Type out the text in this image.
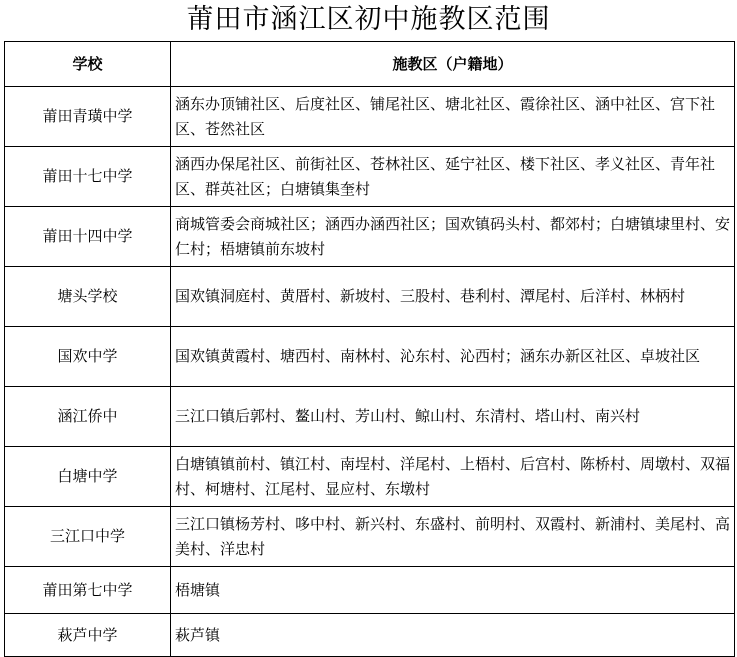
莆田市涵江区初中施教区范围
学校	施教区（户籍地）
莆田青璜中学	涵东办顶铺社区、后度社区、铺尾社区、塘北社区、霞徐社区、涵中社区、宫下社区、苍然社区
莆田十七中学	涵西办保尾社区、前街社区、苍林社区、延宁社区、楼下社区、孝义社区、青年社区、群英社区；白塘镇集奎村
莆田十四中学	商城管委会商城社区；涵西办涵西社区；国欢镇码头村、都郊村；白塘镇埭里村、安仁村；梧塘镇前东坡村
塘头学校	国欢镇洞庭村、黄厝村、新坡村、三股村、巷利村、潭尾村、后洋村、林柄村
国欢中学	国欢镇黄霞村、塘西村、南林村、沁东村、沁西村；涵东办新区社区、卓坡社区
涵江侨中	三江口镇后郭村、鳌山村、芳山村、鲸山村、东清村、塔山村、南兴村
白塘中学	白塘镇镇前村、镇江村、南埕村、洋尾村、上梧村、后宫村、陈桥村、周墩村、双福村、柯塘村、江尾村、显应村、东墩村
三江口中学	三江口镇杨芳村、哆中村、新兴村、东盛村、前明村、双霞村、新浦村、美尾村、高美村、洋忠村
莆田第七中学	梧塘镇
萩芦中学	萩芦镇
